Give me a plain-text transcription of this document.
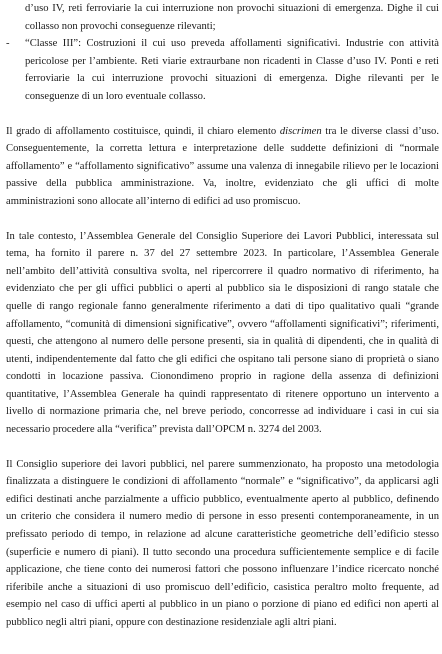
d’uso IV, reti ferroviarie la cui interruzione non provochi situazioni di emergenza. Dighe il cui collasso non provochi conseguenze rilevanti;

-	“Classe III”: Costruzioni il cui uso preveda affollamenti significativi. Industrie con attività pericolose per l’ambiente. Reti viarie extraurbane non ricadenti in Classe d’uso IV. Ponti e reti ferroviarie la cui interruzione provochi situazioni di emergenza. Dighe rilevanti per le conseguenze di un loro eventuale collasso.

Il grado di affollamento costituisce, quindi, il chiaro elemento discrimen tra le diverse classi d’uso. Conseguentemente, la corretta lettura e interpretazione delle suddette definizioni di “normale affollamento” e “affollamento significativo” assume una valenza di innegabile rilievo per le locazioni passive della pubblica amministrazione. Va, inoltre, evidenziato che gli uffici di molte amministrazioni sono allocate all’interno di edifici ad uso promiscuo.

In tale contesto, l’Assemblea Generale del Consiglio Superiore dei Lavori Pubblici, interessata sul tema, ha fornito il parere n. 37 del 27 settembre 2023. In particolare, l’Assemblea Generale nell’ambito dell’attività consultiva svolta, nel ripercorrere il quadro normativo di riferimento, ha evidenziato che per gli uffici pubblici o aperti al pubblico sia le disposizioni di rango statale che quelle di rango regionale fanno generalmente riferimento a dati di tipo qualitativo quali “grande affollamento, “comunità di dimensioni significative”, ovvero “affollamenti significativi”; riferimenti, questi, che attengono al numero delle persone presenti, sia in qualità di dipendenti, che in qualità di utenti, indipendentemente dal fatto che gli edifici che ospitano tali persone siano di proprietà o siano condotti in locazione passiva. Cionondimeno proprio in ragione della assenza di definizioni quantitative, l’Assemblea Generale ha quindi rappresentato di ritenere opportuno un intervento a livello di normazione primaria che, nel breve periodo, concorresse ad individuare i casi in cui sia necessario procedere alla “verifica” prevista dall’OPCM n. 3274 del 2003.

Il Consiglio superiore dei lavori pubblici, nel parere summenzionato, ha proposto una metodologia finalizzata a distinguere le condizioni di affollamento “normale” e “significativo”, da applicarsi agli edifici destinati anche parzialmente a ufficio pubblico, eventualmente aperto al pubblico, definendo un criterio che considera il numero medio di persone in esso presenti contemporaneamente, in un prefissato periodo di tempo, in relazione ad alcune caratteristiche geometriche dell’edificio stesso (superficie e numero di piani). Il tutto secondo una procedura sufficientemente semplice e di facile applicazione, che tiene conto dei numerosi fattori che possono influenzare l’indice ricercato nonché riferibile anche a situazioni di uso promiscuo dell’edificio, casistica peraltro molto frequente, ad esempio nel caso di uffici aperti al pubblico in un piano o porzione di piano ed edifici non aperti al pubblico negli altri piani, oppure con destinazione residenziale agli altri piani.
